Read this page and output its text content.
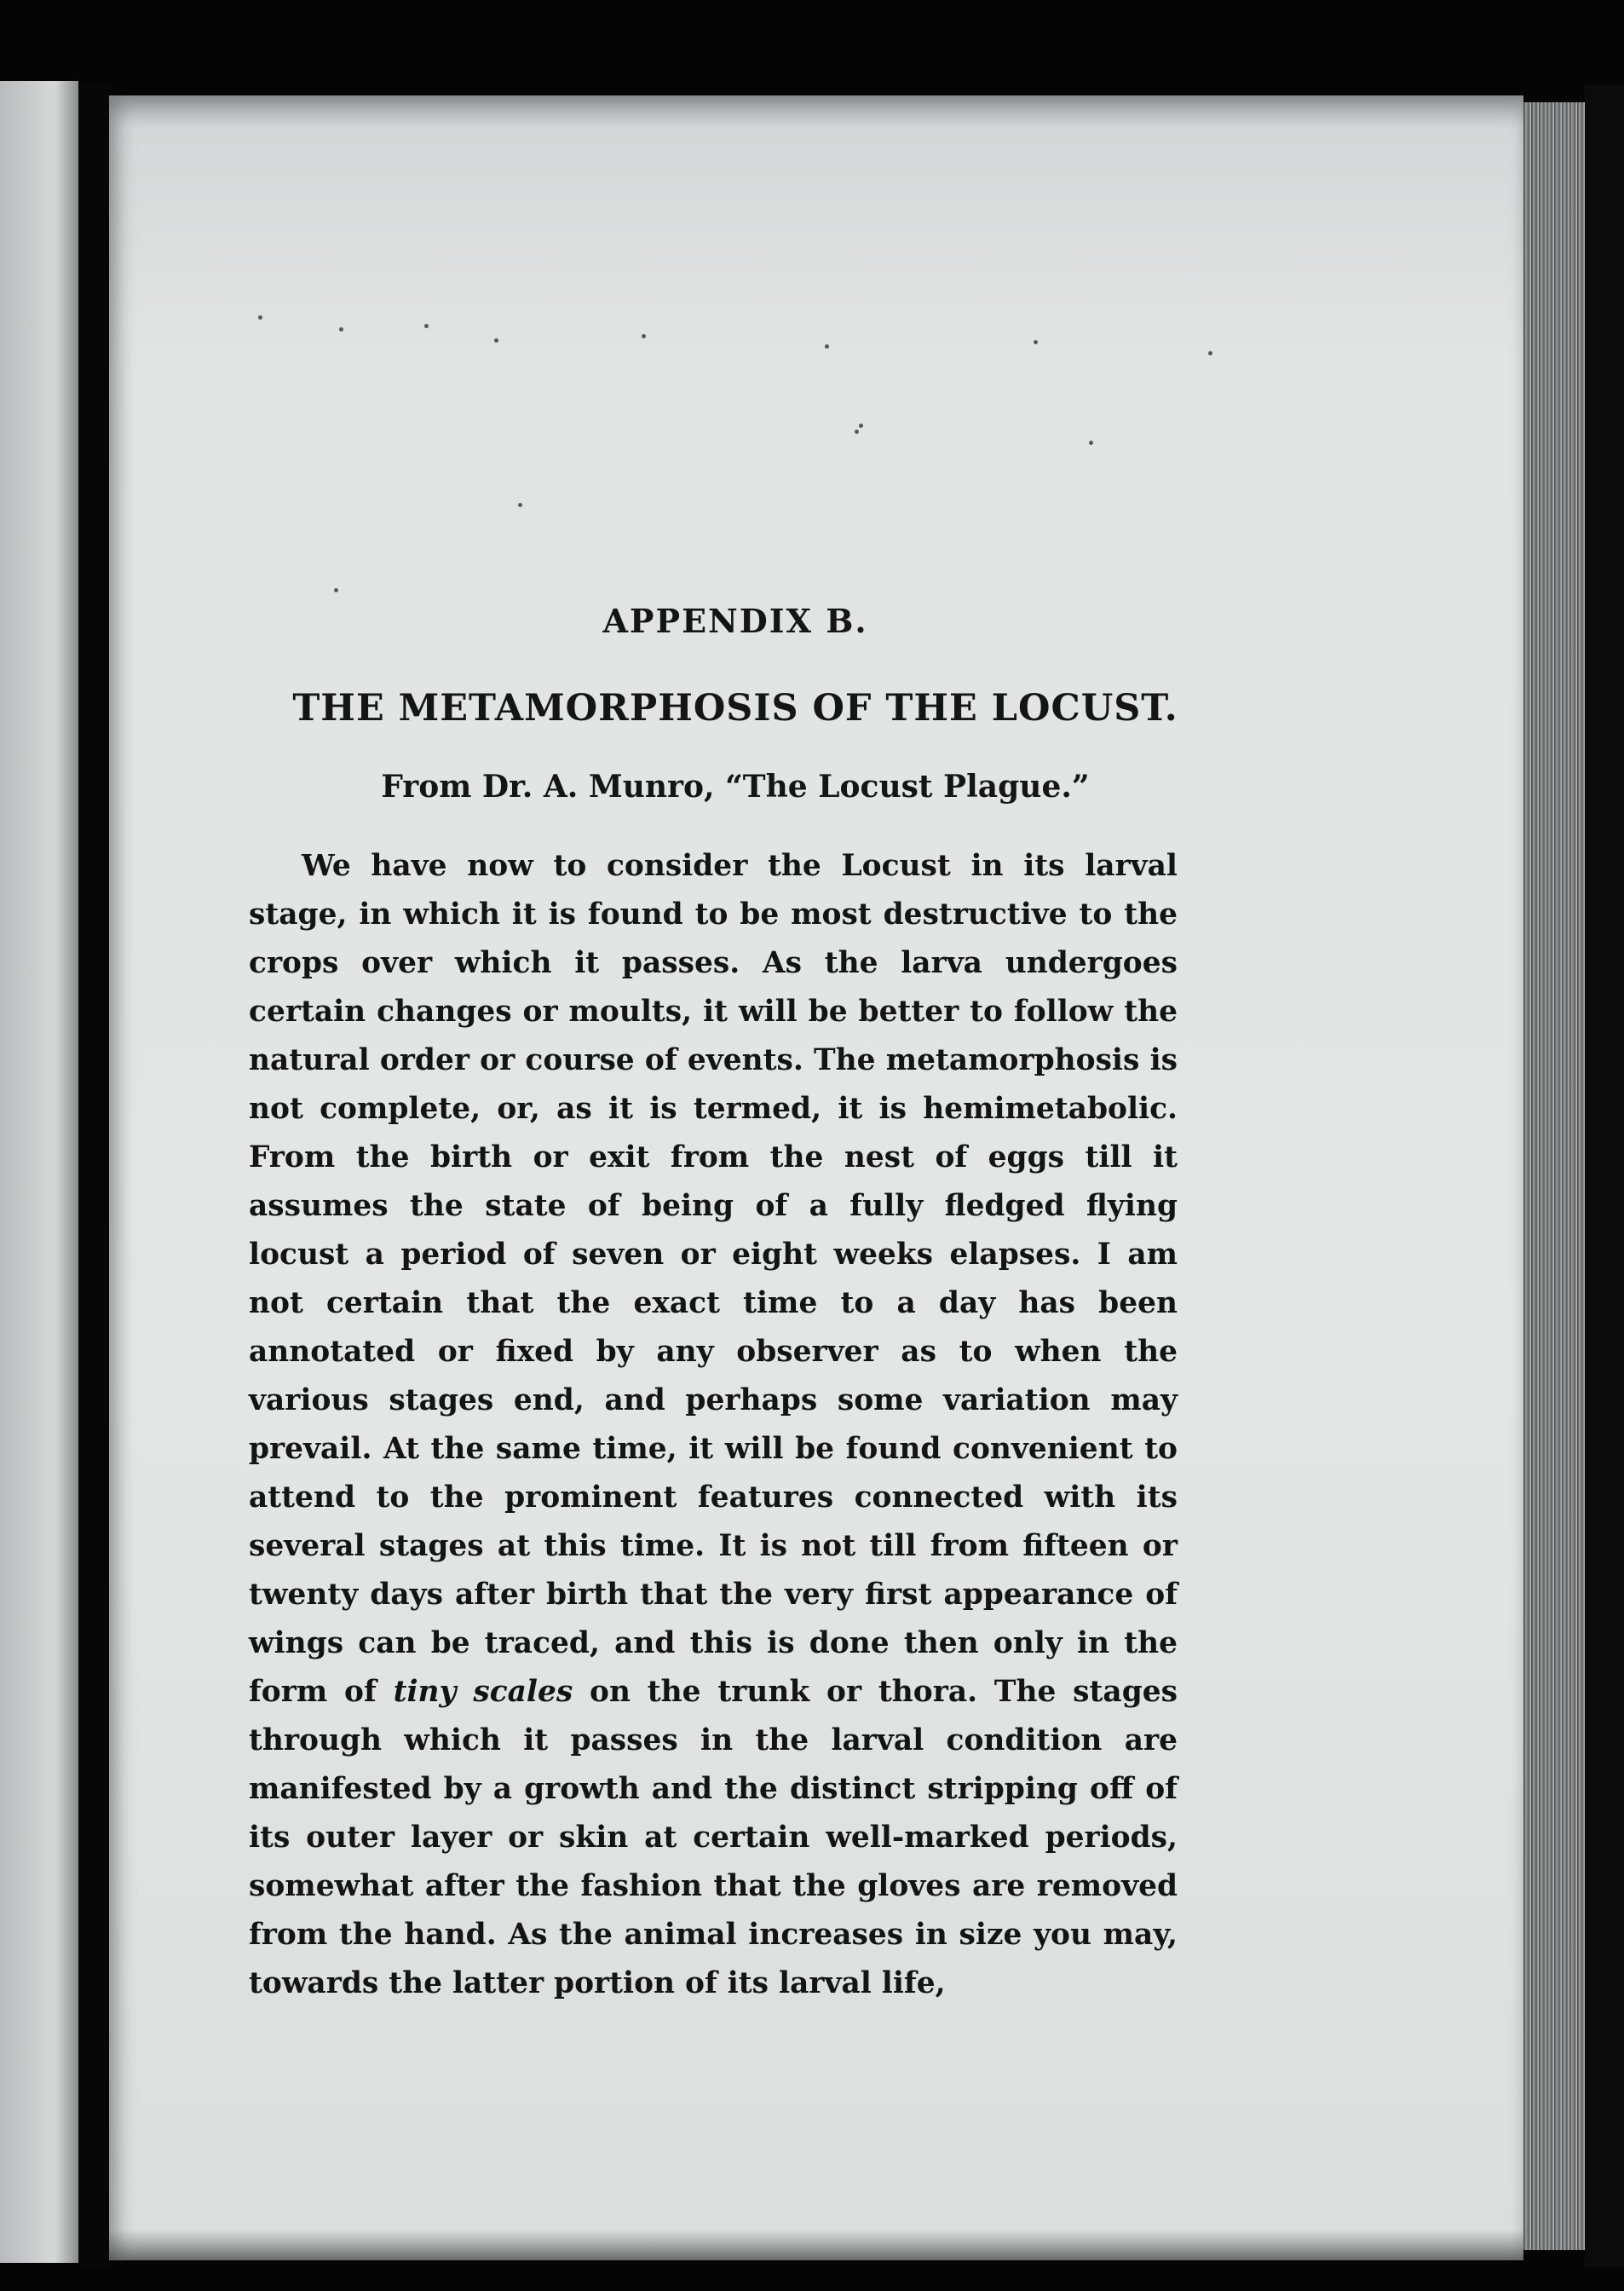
APPENDIX B.
THE METAMORPHOSIS OF THE LOCUST.

From Dr. A. Munro, “The Locust Plague.”

We have now to consider the Locust in its larval stage, in which it is found to be most destructive to the crops over which it passes. As the larva undergoes certain changes or moults, it will be better to follow the natural order or course of events. The metamorphosis is not complete, or, as it is termed, it is hemimetabolic. From the birth or exit from the nest of eggs till it assumes the state of being of a fully fledged flying locust a period of seven or eight weeks elapses. I am not certain that the exact time to a day has been annotated or fixed by any observer as to when the various stages end, and perhaps some variation may prevail. At the same time, it will be found convenient to attend to the prominent features connected with its several stages at this time. It is not till from fifteen or twenty days after birth that the very first appearance of wings can be traced, and this is done then only in the form of tiny scales on the trunk or thora. The stages through which it passes in the larval condition are manifested by a growth and the distinct stripping off of its outer layer or skin at certain well-marked periods, somewhat after the fashion that the gloves are removed from the hand. As the animal increases in size you may, towards the latter portion of its larval life,
